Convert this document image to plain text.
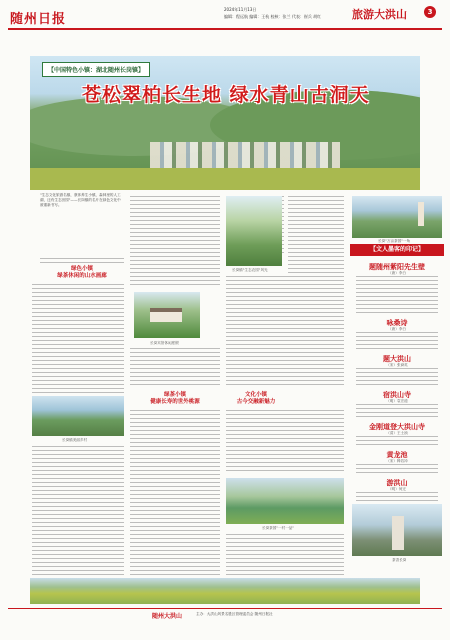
随州日报
2024年11月13日
编辑：程远航 编辑：王杭 校核：张兰 代表：崔兵 胡红	旅游大洪山	3
【中国特色小镇：湖北随州长岗镇】
苍松翠柏长生地 绿水青山古洞天
"生态文化旅游名镇，康体养生小镇，森林里的人工湖，还有生态田园"——长岗镇的名片在绿色文化中被重新书写。
绿色小镇
绿茶休闲的山水画廊
长岗镇美丽乡村
长岗宾馆休闲度假
绿茶小镇
健康长寿的世外桃源
长岗镇"生态农园"风光
文化小镇
古今交融新魅力
长岗茶园"一村一品"
长岗"万亩茶园"一角
【文人墨客的印记】
题随州紫阳先生壁
（唐）李白
咏桑诗
（唐）李白
题大洪山
（宋）张商英
宿洪山寺
（明）袁宏道
金刚道登大洪山寺
（清）王士祯
黄龙池
（宋）释若冲
游洪山
（明）何迁
茶香长岗
随州大洪山	主办：大洪山风景名胜区管理委员会 随州日报社
